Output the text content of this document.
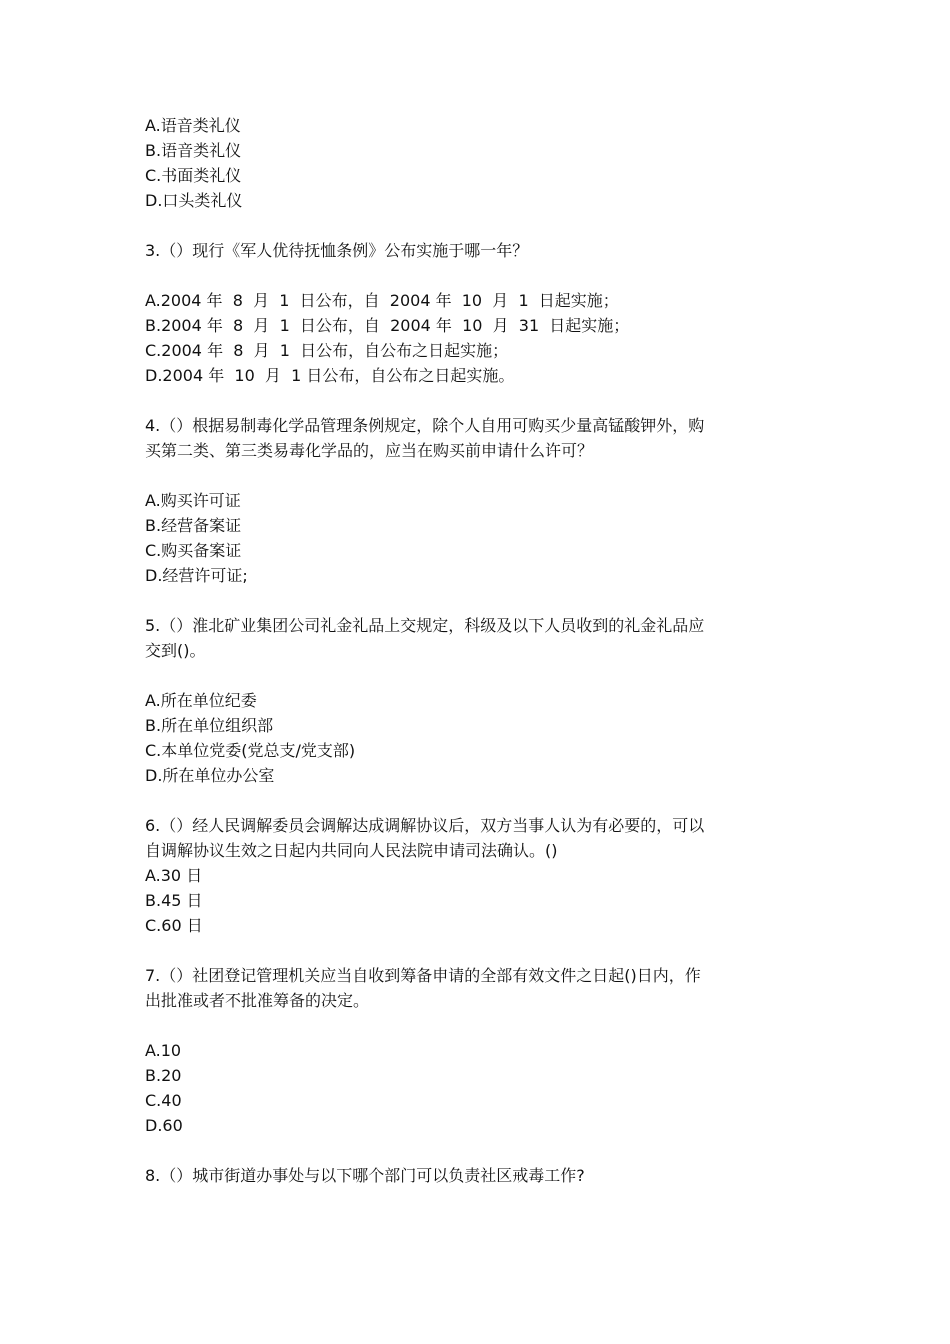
A.语音类礼仪
B.语音类礼仪
C.书面类礼仪
D.口头类礼仪
3.（）现行《军人优待抚恤条例》公布实施于哪一年？
A.2004 年  8  月  1  日公布，自  2004 年  10  月  1  日起实施；
B.2004 年  8  月  1  日公布，自  2004 年  10  月  31  日起实施；
C.2004 年  8  月  1  日公布，自公布之日起实施；
D.2004 年  10  月  1 日公布，自公布之日起实施。
4.（）根据易制毒化学品管理条例规定，除个人自用可购买少量高锰酸钾外，购
买第二类、第三类易毒化学品的，应当在购买前申请什么许可？
A.购买许可证
B.经营备案证
C.购买备案证
D.经营许可证;
5.（）淮北矿业集团公司礼金礼品上交规定，科级及以下人员收到的礼金礼品应
交到()。
A.所在单位纪委
B.所在单位组织部
C.本单位党委(党总支/党支部)
D.所在单位办公室
6.（）经人民调解委员会调解达成调解协议后，双方当事人认为有必要的，可以
自调解协议生效之日起内共同向人民法院申请司法确认。()
A.30 日
B.45 日
C.60 日
7.（）社团登记管理机关应当自收到筹备申请的全部有效文件之日起()日内，作
出批准或者不批准筹备的决定。
A.10
B.20
C.40
D.60
8.（）城市街道办事处与以下哪个部门可以负责社区戒毒工作?
